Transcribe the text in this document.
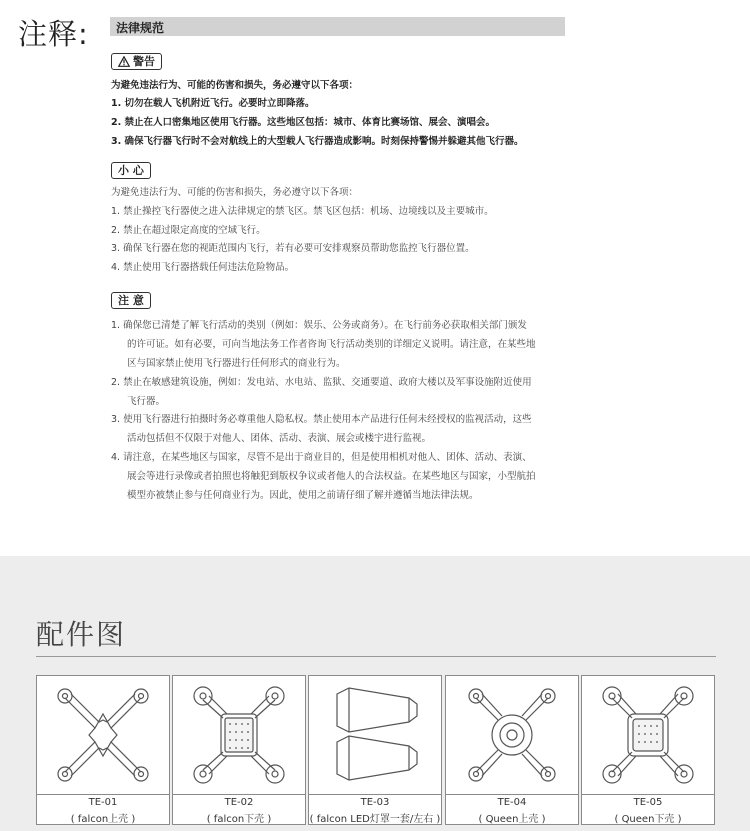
注释: 法律规范
警告
为避免违法行为、可能的伤害和损失，务必遵守以下各项：
1. 切勿在载人飞机附近飞行。必要时立即降落。
2. 禁止在人口密集地区使用飞行器。这些地区包括：城市、体育比赛场馆、展会、演唱会。
3. 确保飞行器飞行时不会对航线上的大型载人飞行器造成影响。时刻保持警惕并躲避其他飞行器。
小 心
为避免违法行为、可能的伤害和损失，务必遵守以下各项：
1. 禁止操控飞行器使之进入法律规定的禁飞区。禁飞区包括：机场、边境线以及主要城市。
2. 禁止在超过限定高度的空域飞行。
3. 确保飞行器在您的视距范围内飞行，若有必要可安排观察员帮助您监控飞行器位置。
4. 禁止使用飞行器搭载任何违法危险物品。
注 意
1. 确保您已清楚了解飞行活动的类别（例如：娱乐、公务或商务）。在飞行前务必获取相关部门颁发
的许可证。如有必要，可向当地法务工作者咨询飞行活动类别的详细定义说明。请注意，在某些地
区与国家禁止使用飞行器进行任何形式的商业行为。
2. 禁止在敏感建筑设施，例如：发电站、水电站、监狱、交通要道、政府大楼以及军事设施附近使用
飞行器。
3. 使用飞行器进行拍摄时务必尊重他人隐私权。禁止使用本产品进行任何未经授权的监视活动，这些
活动包括但不仅限于对他人、团体、活动、表演、展会或楼宇进行监视。
4. 请注意，在某些地区与国家，尽管不是出于商业目的，但是使用相机对他人、团体、活动、表演、
展会等进行录像或者拍照也将触犯到版权争议或者他人的合法权益。在某些地区与国家，小型航拍
模型亦被禁止参与任何商业行为。因此，使用之前请仔细了解并遵循当地法律法规。
配件图
TE-01
( falcon上壳 )
TE-02
( falcon下壳 )
TE-03
( falcon LED灯罩一套/左右 )
TE-04
( Queen上壳 )
TE-05
( Queen下壳 )
